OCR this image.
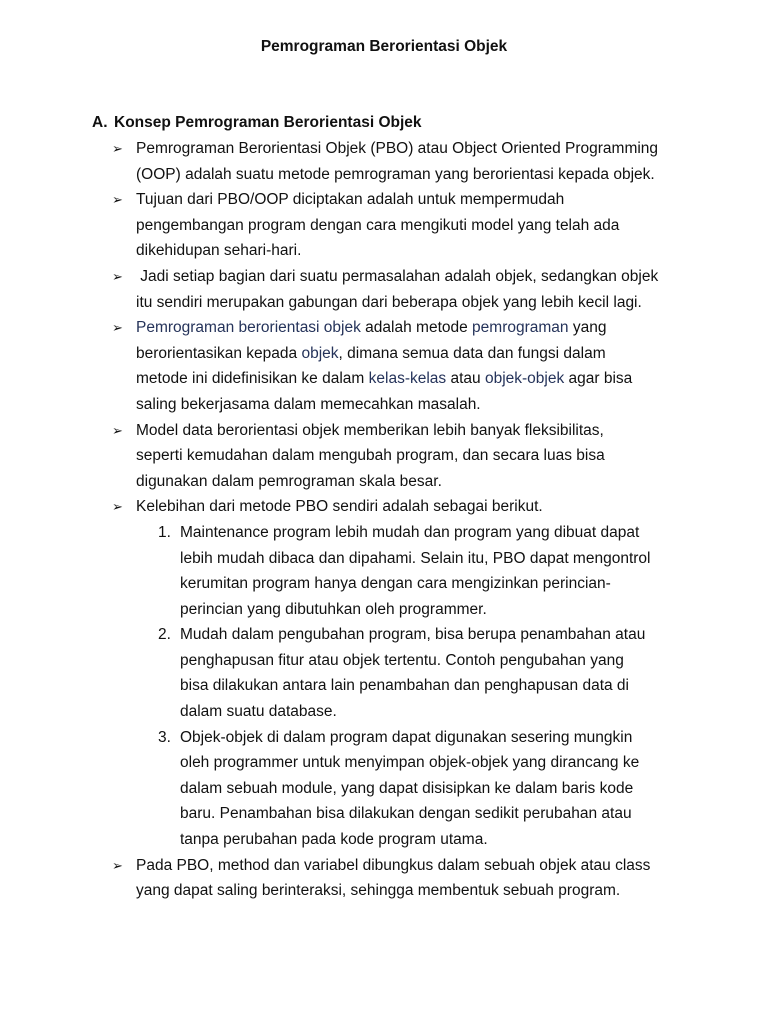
Pemrograman Berorientasi Objek
A. Konsep Pemrograman Berorientasi Objek
➢ Pemrograman Berorientasi Objek (PBO) atau Object Oriented Programming
(OOP) adalah suatu metode pemrograman yang berorientasi kepada objek.
➢ Tujuan dari PBO/OOP diciptakan adalah untuk mempermudah
pengembangan program dengan cara mengikuti model yang telah ada
dikehidupan sehari-hari.
➢ Jadi setiap bagian dari suatu permasalahan adalah objek, sedangkan objek
itu sendiri merupakan gabungan dari beberapa objek yang lebih kecil lagi.
➢ Pemrograman berorientasi objek adalah metode pemrograman yang
berorientasikan kepada objek, dimana semua data dan fungsi dalam
metode ini didefinisikan ke dalam kelas-kelas atau objek-objek agar bisa
saling bekerjasama dalam memecahkan masalah.
➢ Model data berorientasi objek memberikan lebih banyak fleksibilitas,
seperti kemudahan dalam mengubah program, dan secara luas bisa
digunakan dalam pemrograman skala besar.
➢ Kelebihan dari metode PBO sendiri adalah sebagai berikut.
1. Maintenance program lebih mudah dan program yang dibuat dapat
lebih mudah dibaca dan dipahami. Selain itu, PBO dapat mengontrol
kerumitan program hanya dengan cara mengizinkan perincian-
perincian yang dibutuhkan oleh programmer.
2. Mudah dalam pengubahan program, bisa berupa penambahan atau
penghapusan fitur atau objek tertentu. Contoh pengubahan yang
bisa dilakukan antara lain penambahan dan penghapusan data di
dalam suatu database.
3. Objek-objek di dalam program dapat digunakan sesering mungkin
oleh programmer untuk menyimpan objek-objek yang dirancang ke
dalam sebuah module, yang dapat disisipkan ke dalam baris kode
baru. Penambahan bisa dilakukan dengan sedikit perubahan atau
tanpa perubahan pada kode program utama.
➢ Pada PBO, method dan variabel dibungkus dalam sebuah objek atau class
yang dapat saling berinteraksi, sehingga membentuk sebuah program.
